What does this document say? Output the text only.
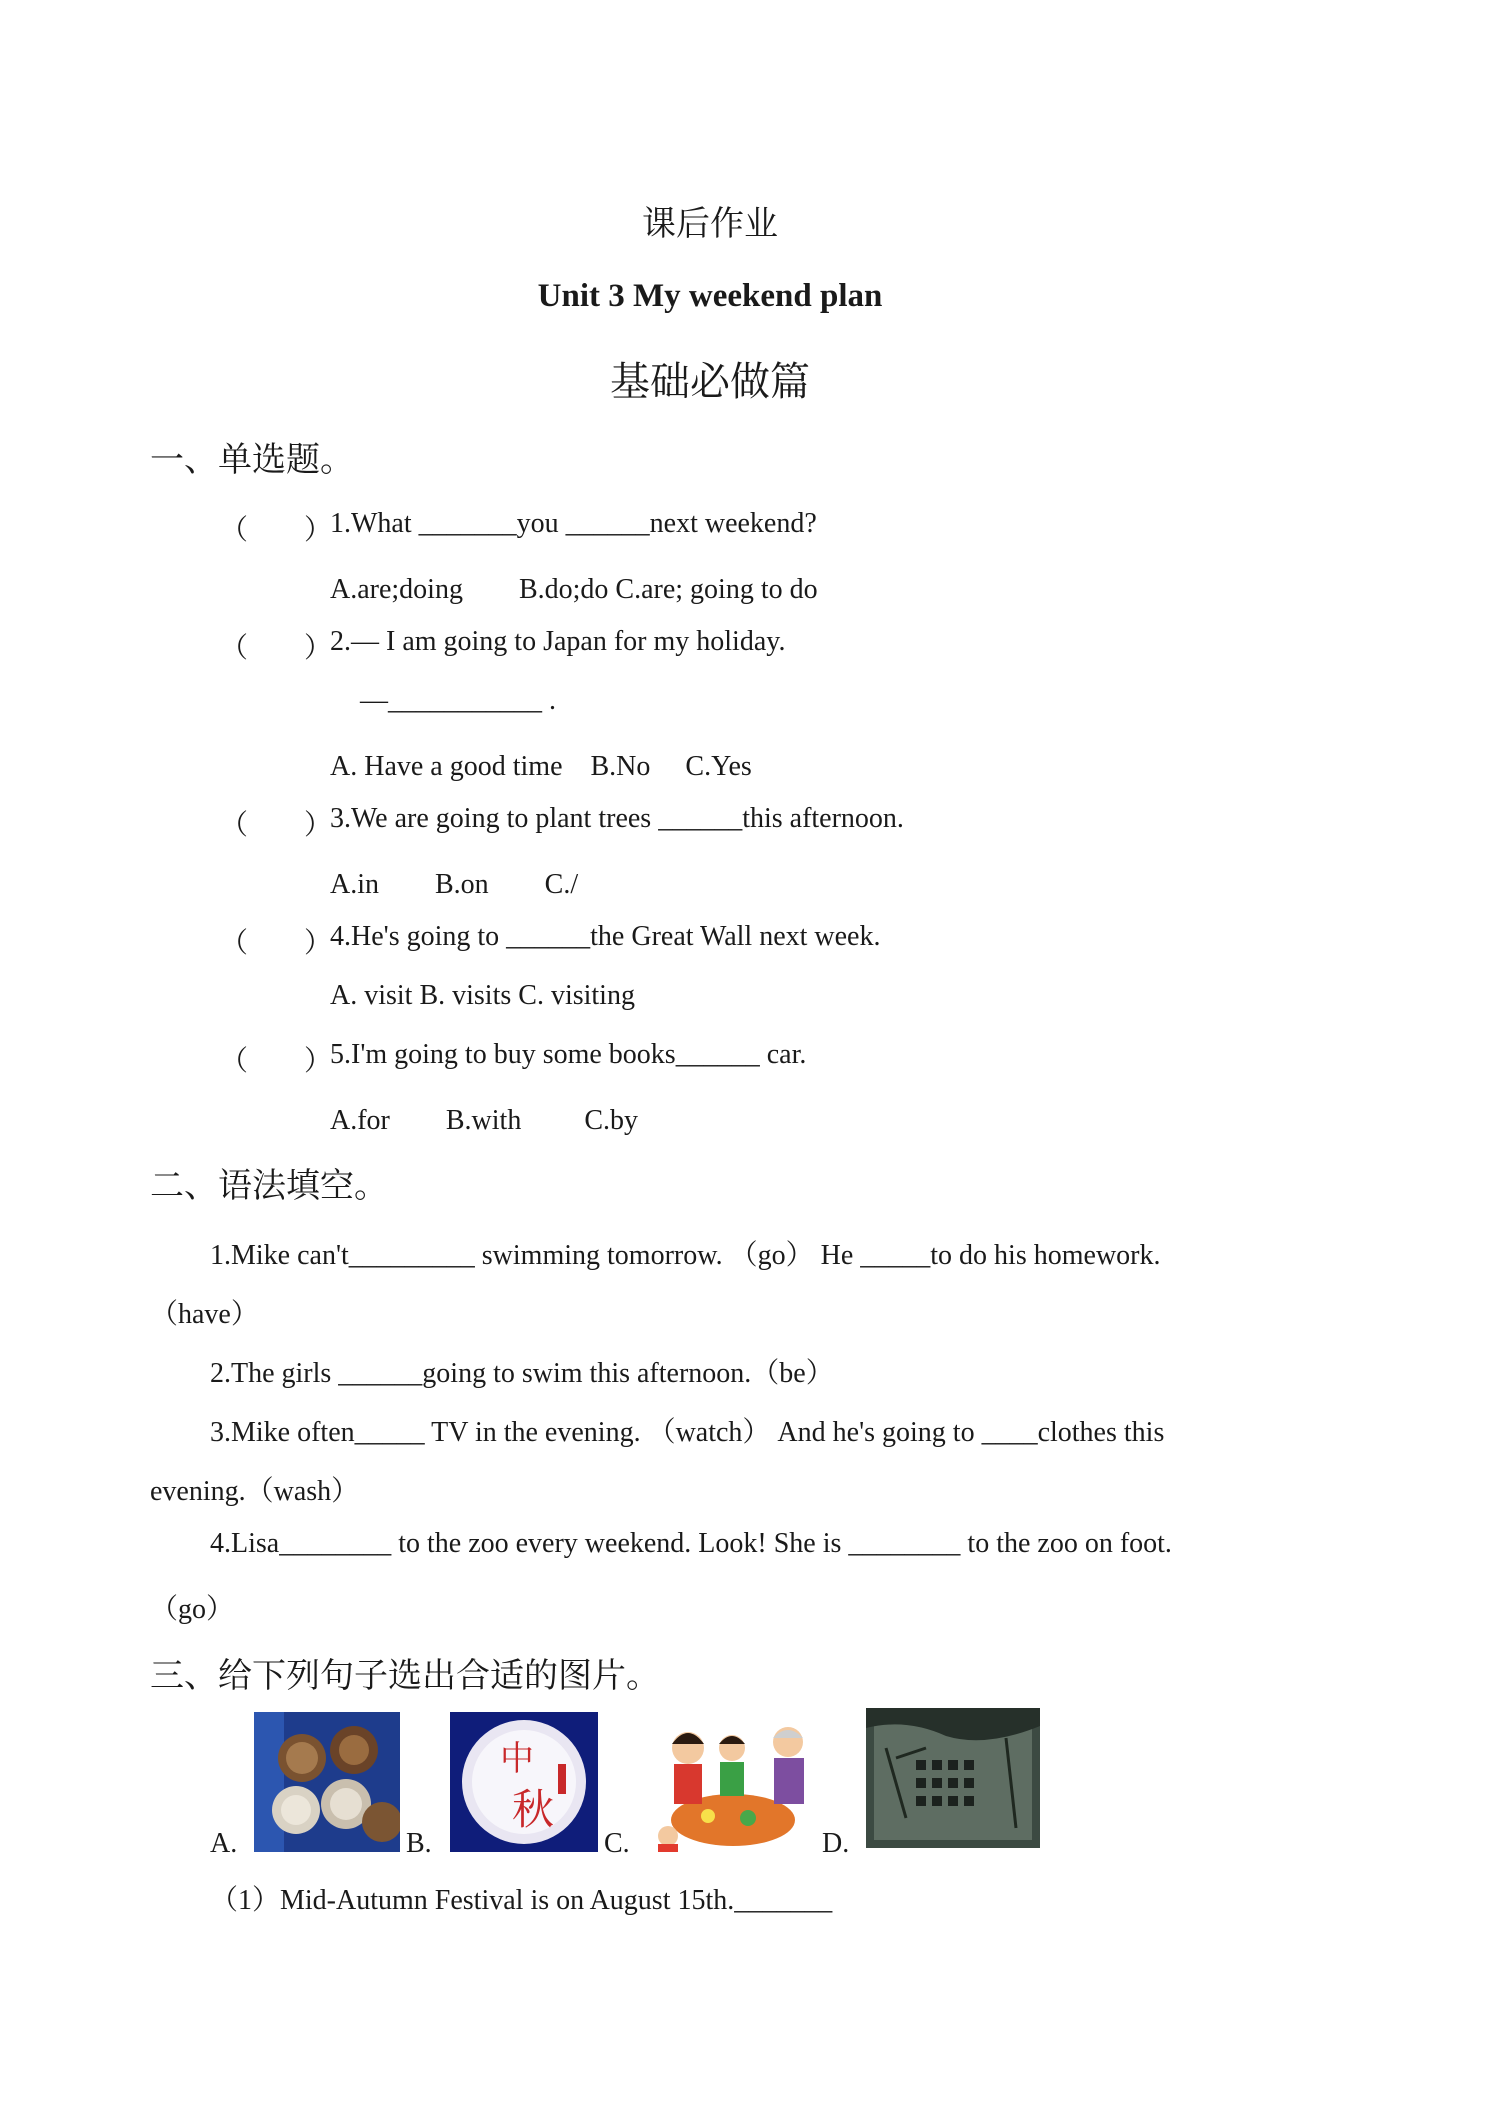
课后作业
Unit 3 My weekend plan
基础必做篇
一、单选题。
（　　）
1.What _______you ______next weekend?
A.are;doing　　B.do;do C.are; going to do
（　　）
2.— I am going to Japan for my holiday.
—___________ .
A. Have a good time　B.No　 C.Yes
（　　）
3.We are going to plant trees ______this afternoon.
A.in　　B.on　　C./
（　　）
4.He's going to ______the Great Wall next week.
A. visit B. visits C. visiting
（　　）
5.I'm going to buy some books______ car.
A.for　　B.with　　 C.by
二、语法填空。
1.Mike can't_________ swimming tomorrow. （go） He _____to do his homework.
（have）
2.The girls ______going to swim this afternoon.（be）
3.Mike often_____ TV in the evening. （watch） And he's going to ____clothes this
evening.（wash）
4.Lisa________ to the zoo every weekend. Look! She is ________ to the zoo on foot.
（go）
三、给下列句子选出合适的图片。
A.	B.
中
秋
C.	D.
（1）Mid-Autumn Festival is on August 15th._______
